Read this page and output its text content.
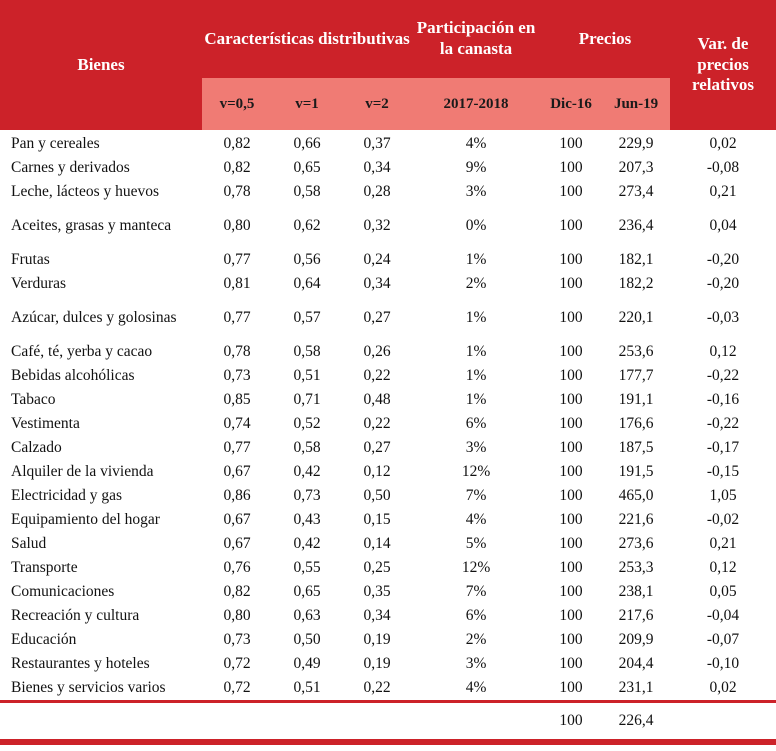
Bienes	Características distributivas			Participación en la canasta	Precios		Var. de precios relativos
	v=0,5	v=1	v=2	2017-2018	Dic-16	Jun-19	
Pan y cereales	0,82	0,66	0,37	4%	100	229,9	0,02
Carnes y derivados	0,82	0,65	0,34	9%	100	207,3	-0,08
Leche, lácteos y huevos	0,78	0,58	0,28	3%	100	273,4	0,21
Aceites, grasas y manteca	0,80	0,62	0,32	0%	100	236,4	0,04
Frutas	0,77	0,56	0,24	1%	100	182,1	-0,20
Verduras	0,81	0,64	0,34	2%	100	182,2	-0,20
Azúcar, dulces y golosinas	0,77	0,57	0,27	1%	100	220,1	-0,03
Café, té, yerba y cacao	0,78	0,58	0,26	1%	100	253,6	0,12
Bebidas alcohólicas	0,73	0,51	0,22	1%	100	177,7	-0,22
Tabaco	0,85	0,71	0,48	1%	100	191,1	-0,16
Vestimenta	0,74	0,52	0,22	6%	100	176,6	-0,22
Calzado	0,77	0,58	0,27	3%	100	187,5	-0,17
Alquiler de la vivienda	0,67	0,42	0,12	12%	100	191,5	-0,15
Electricidad y gas	0,86	0,73	0,50	7%	100	465,0	1,05
Equipamiento del hogar	0,67	0,43	0,15	4%	100	221,6	-0,02
Salud	0,67	0,42	0,14	5%	100	273,6	0,21
Transporte	0,76	0,55	0,25	12%	100	253,3	0,12
Comunicaciones	0,82	0,65	0,35	7%	100	238,1	0,05
Recreación y cultura	0,80	0,63	0,34	6%	100	217,6	-0,04
Educación	0,73	0,50	0,19	2%	100	209,9	-0,07
Restaurantes y hoteles	0,72	0,49	0,19	3%	100	204,4	-0,10
Bienes y servicios varios	0,72	0,51	0,22	4%	100	231,1	0,02

					100	226,4	
